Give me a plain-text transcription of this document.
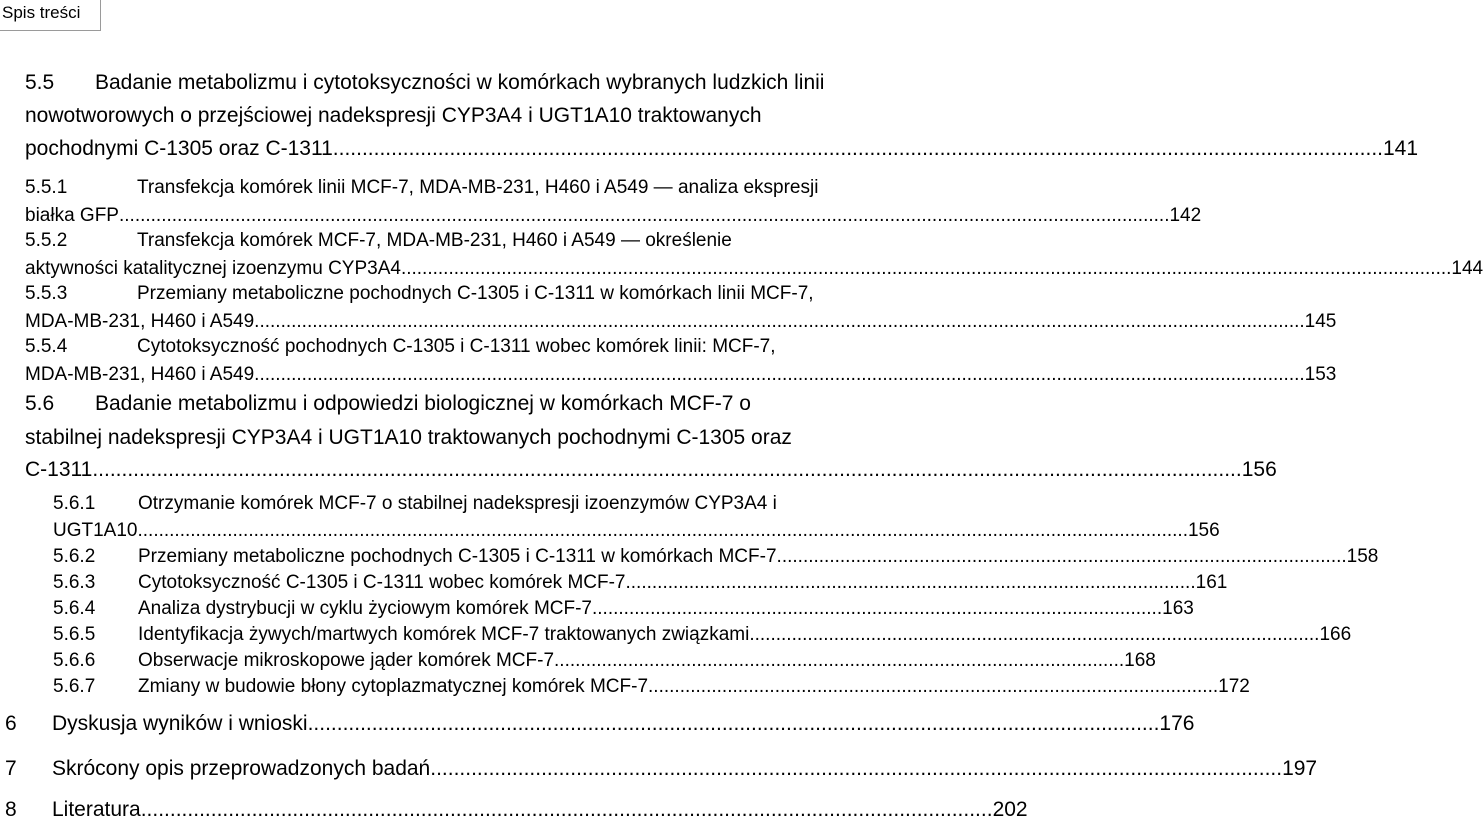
Spis treści
5.5 Badanie metabolizmu i cytotoksyczności w komórkach wybranych ludzkich linii
nowotworowych o przejściowej nadekspresji CYP3A4 i UGT1A10 traktowanych
pochodnymi C-1305 oraz C-1311. ................................................................................................................................................................................... 141
5.5.1	Transfekcja komórek linii MCF-7, MDA-MB-231, H460 i A549 — analiza ekspresji
białka GFP ....................................................................................................................................................................................................... 142
5.5.2	Transfekcja komórek MCF-7, MDA-MB-231, H460 i A549 — określenie
aktywności katalitycznej izoenzymu CYP3A4 ....................................................................................................................................................................................................... 144
5.5.3	Przemiany metaboliczne pochodnych C-1305 i C-1311 w komórkach linii MCF-7,
MDA-MB-231, H460 i A549 ....................................................................................................................................................................................................... 145
5.5.4	Cytotoksyczność pochodnych C-1305 i C-1311 wobec komórek linii: MCF-7,
MDA-MB-231, H460 i A549 ....................................................................................................................................................................................................... 153
5.6 Badanie metabolizmu i odpowiedzi biologicznej w komórkach MCF-7 o
stabilnej nadekspresji CYP3A4 i UGT1A10 traktowanych pochodnymi C-1305 oraz
C-1311 ..................................................................................................................................................................................................... 156
5.6.1 Otrzymanie komórek MCF-7 o stabilnej nadekspresji izoenzymów CYP3A4 i
UGT1A10 ....................................................................................................................................................................................................... 156
5.6.2 Przemiany metaboliczne pochodnych C-1305 i C-1311 w komórkach MCF-7 ............................................................................................................ 158
5.6.3 Cytotoksyczność C-1305 i C-1311 wobec komórek MCF-7 ............................................................................................................ 161
5.6.4 Analiza dystrybucji w cyklu życiowym komórek MCF-7 ............................................................................................................ 163
5.6.5 Identyfikacja żywych/martwych komórek MCF-7 traktowanych związkami ............................................................................................................ 166
5.6.6 Obserwacje mikroskopowe jąder komórek MCF-7 ............................................................................................................ 168
5.6.7 Zmiany w budowie błony cytoplazmatycznej komórek MCF-7 ............................................................................................................ 172
6 Dyskusja wyników i wnioski .................................................................................................................................................. 176
7 Skrócony opis przeprowadzonych badań .................................................................................................................................................. 197
8 Literatura .................................................................................................................................................. 202
